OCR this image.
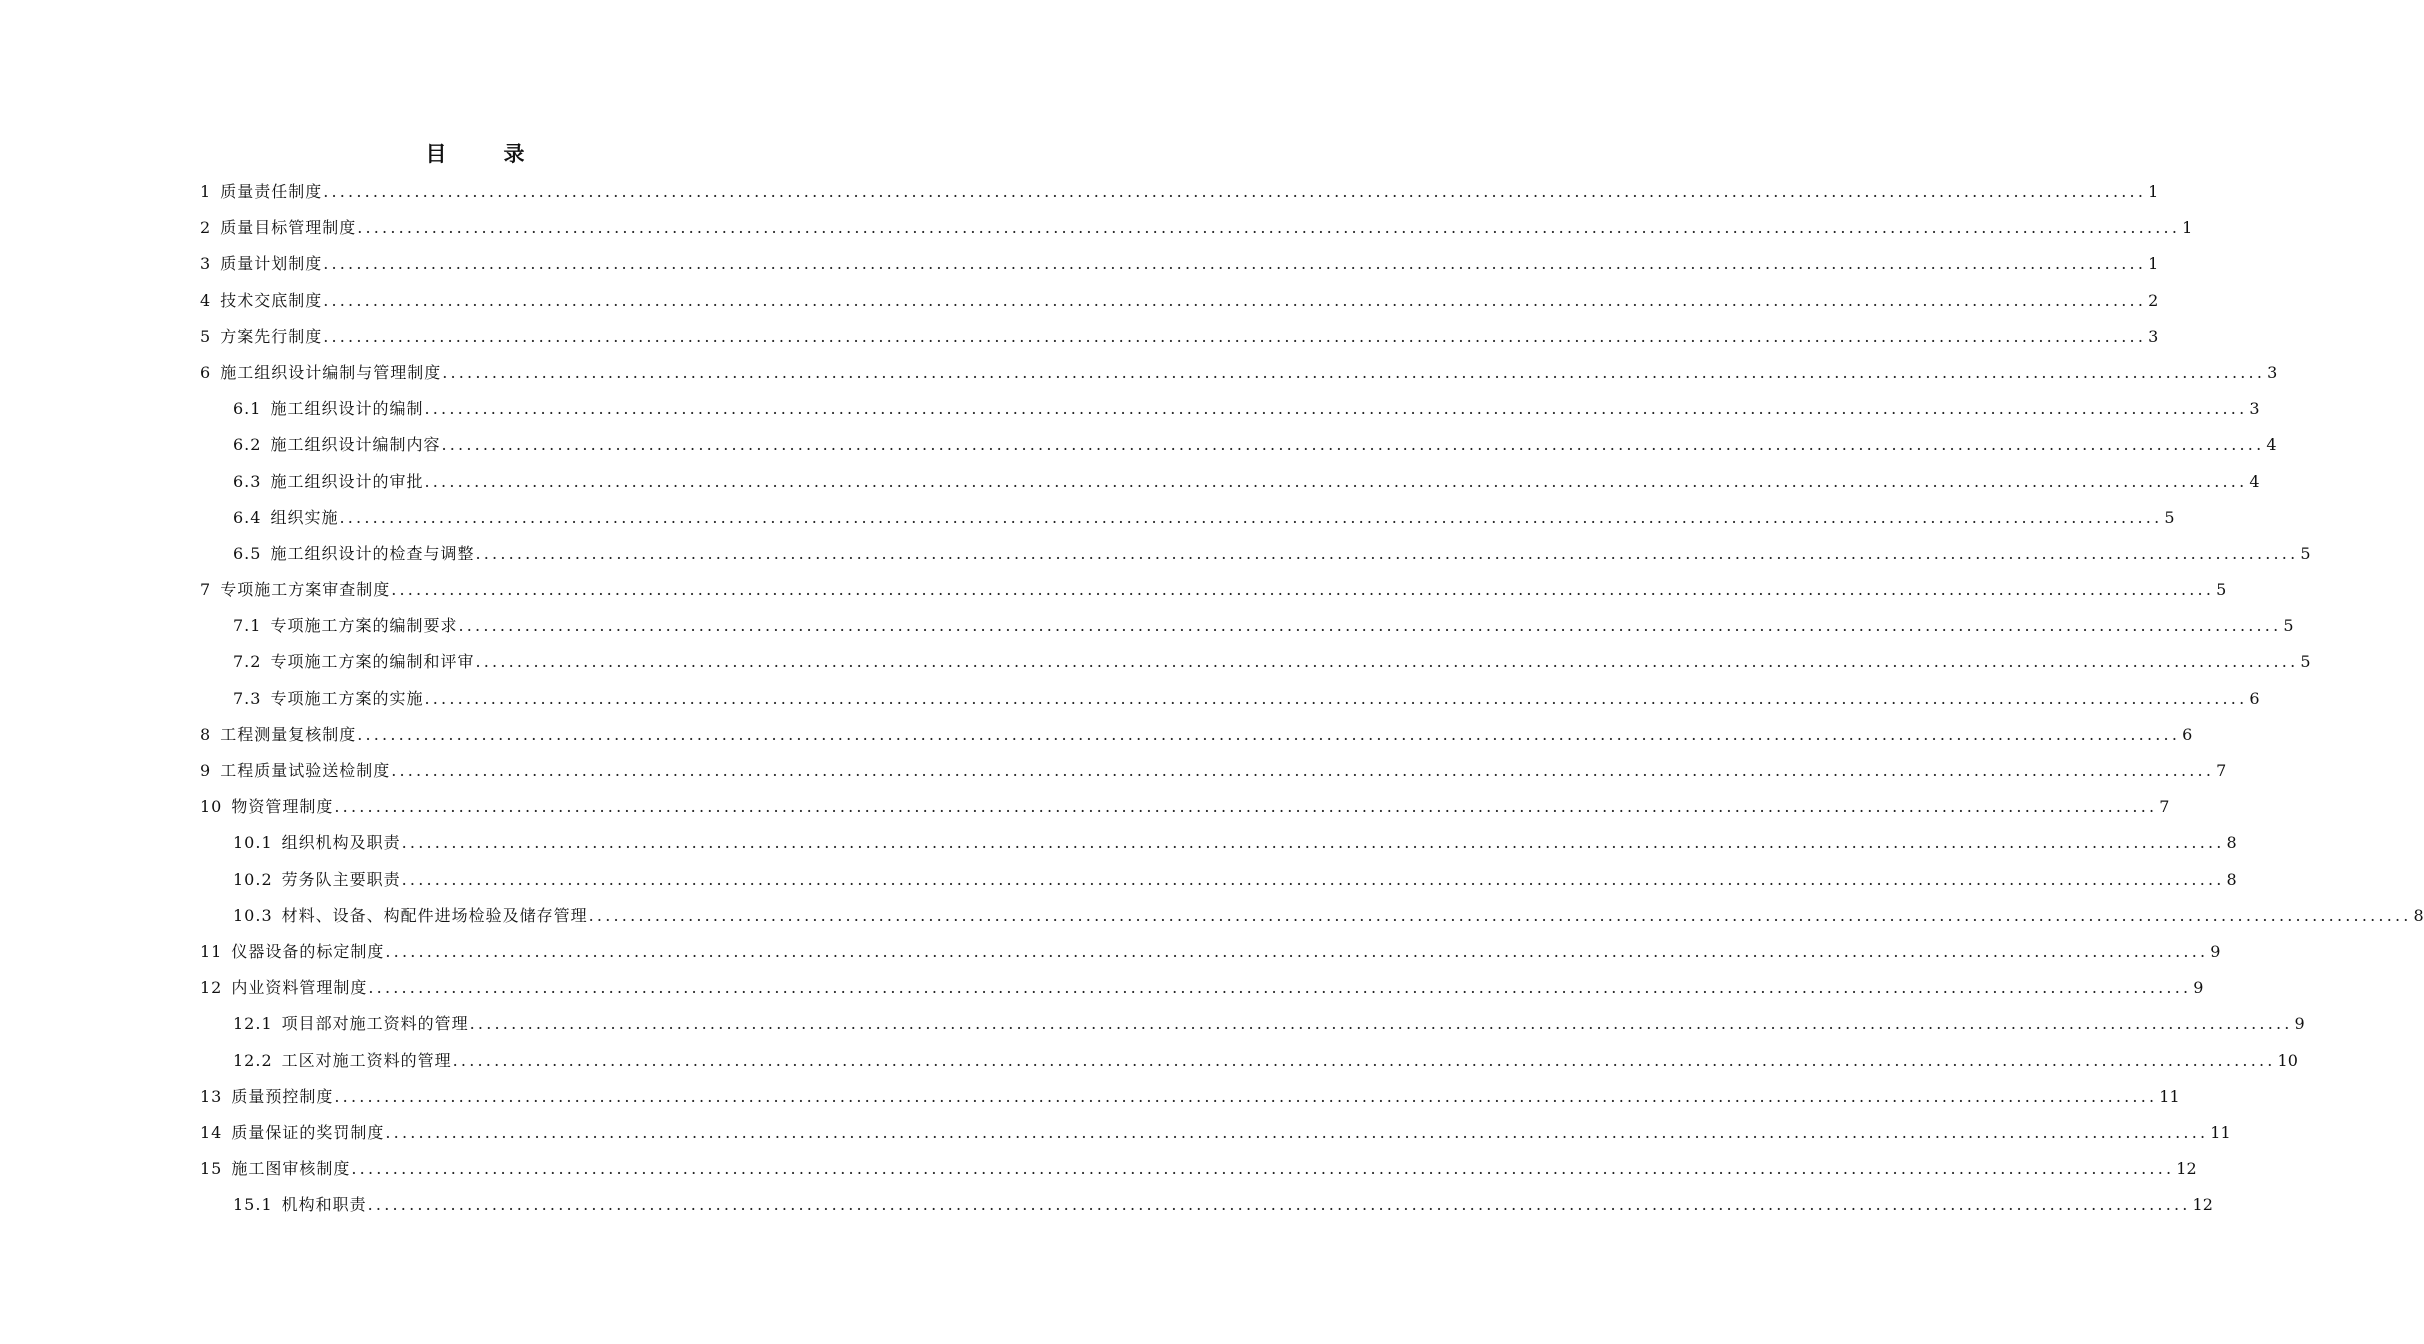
目　录
1 质量责任制度 ............................................................................................................................................................................................................................ 1
2 质量目标管理制度 ............................................................................................................................................................................................................................ 1
3 质量计划制度 ............................................................................................................................................................................................................................ 1
4 技术交底制度 ............................................................................................................................................................................................................................ 2
5 方案先行制度 ............................................................................................................................................................................................................................ 3
6 施工组织设计编制与管理制度 ............................................................................................................................................................................................................................ 3
6.1 施工组织设计的编制 ............................................................................................................................................................................................................................ 3
6.2 施工组织设计编制内容 ............................................................................................................................................................................................................................ 4
6.3 施工组织设计的审批 ............................................................................................................................................................................................................................ 4
6.4 组织实施 ............................................................................................................................................................................................................................ 5
6.5 施工组织设计的检查与调整 ............................................................................................................................................................................................................................ 5
7 专项施工方案审查制度 ............................................................................................................................................................................................................................ 5
7.1 专项施工方案的编制要求 ............................................................................................................................................................................................................................ 5
7.2 专项施工方案的编制和评审 ............................................................................................................................................................................................................................ 5
7.3 专项施工方案的实施 ............................................................................................................................................................................................................................ 6
8 工程测量复核制度 ............................................................................................................................................................................................................................ 6
9 工程质量试验送检制度 ............................................................................................................................................................................................................................ 7
10 物资管理制度 ............................................................................................................................................................................................................................ 7
10.1 组织机构及职责 ............................................................................................................................................................................................................................ 8
10.2 劳务队主要职责 ............................................................................................................................................................................................................................ 8
10.3 材料、设备、构配件进场检验及储存管理 ............................................................................................................................................................................................................................ 8
11 仪器设备的标定制度 ............................................................................................................................................................................................................................ 9
12 内业资料管理制度 ............................................................................................................................................................................................................................ 9
12.1 项目部对施工资料的管理 ............................................................................................................................................................................................................................ 9
12.2 工区对施工资料的管理 ............................................................................................................................................................................................................................ 10
13 质量预控制度 ............................................................................................................................................................................................................................ 11
14 质量保证的奖罚制度 ............................................................................................................................................................................................................................ 11
15 施工图审核制度 ............................................................................................................................................................................................................................ 12
15.1 机构和职责 ............................................................................................................................................................................................................................ 12
